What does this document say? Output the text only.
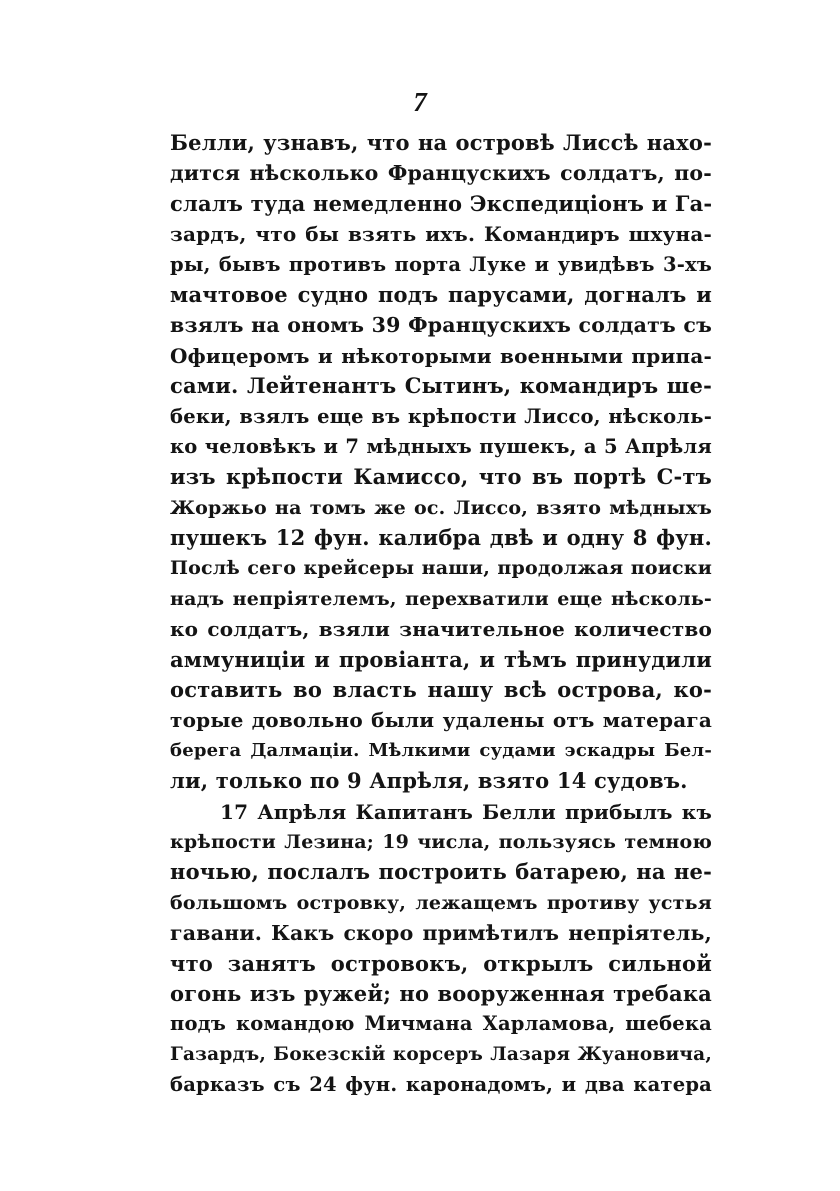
7
Белли, узнавъ, что на островѣ Лиссѣ нахо-
дится нѣсколько Француcкихъ солдатъ, по-
слалъ туда немедленно Экспедиціонъ и Га-
зардъ, что бы взять ихъ. Командиръ шхуна-
ры, бывъ противъ порта Луке и увидѣвъ 3-хъ
мачтовое судно подъ парусами, догналъ и
взялъ на ономъ 39 Францускихъ солдатъ съ
Офицеромъ и нѣкоторыми военными припа-
сами. Лейтенантъ Сытинъ, командиръ ше-
беки, взялъ еще въ крѣпости Лиссо, нѣсколь-
ко человѣкъ и 7 мѣдныхъ пушекъ, а 5 Апрѣля
изъ крѣпости Камиссо, что въ портѣ С-тъ
Жоржьо на томъ же ос. Лиссо, взято мѣдныхъ
пушекъ 12 фун. калибра двѣ и одну 8 фун.
Послѣ сего крейсеры наши, продолжая поиски
надъ непріятелемъ, перехватили еще нѣсколь-
ко солдатъ, взяли значительное количество
аммуниціи и провіанта, и тѣмъ принудили
оставить во власть нашу всѣ острова, ко-
торые довольно были удалены отъ матерага
берега Далмаціи. Мѣлкими судами эскадры Бел-
ли, только по 9 Апрѣля, взято 14 судовъ.
17 Апрѣля Капитанъ Белли прибылъ къ
крѣпости Лезина; 19 числа, пользуясь темною
ночью, послалъ построить батарею, на не-
большомъ островку, лежащемъ противу устья
гавани. Какъ скоро примѣтилъ непріятель,
что занятъ островокъ, открылъ сильной
огонь изъ ружей; но вооруженная требака
подъ командою Мичмана Харламова, шебека
Газардъ, Бокезскій корсеръ Лазаря Жуановича,
барказъ съ 24 фун. каронадомъ, и два катера
